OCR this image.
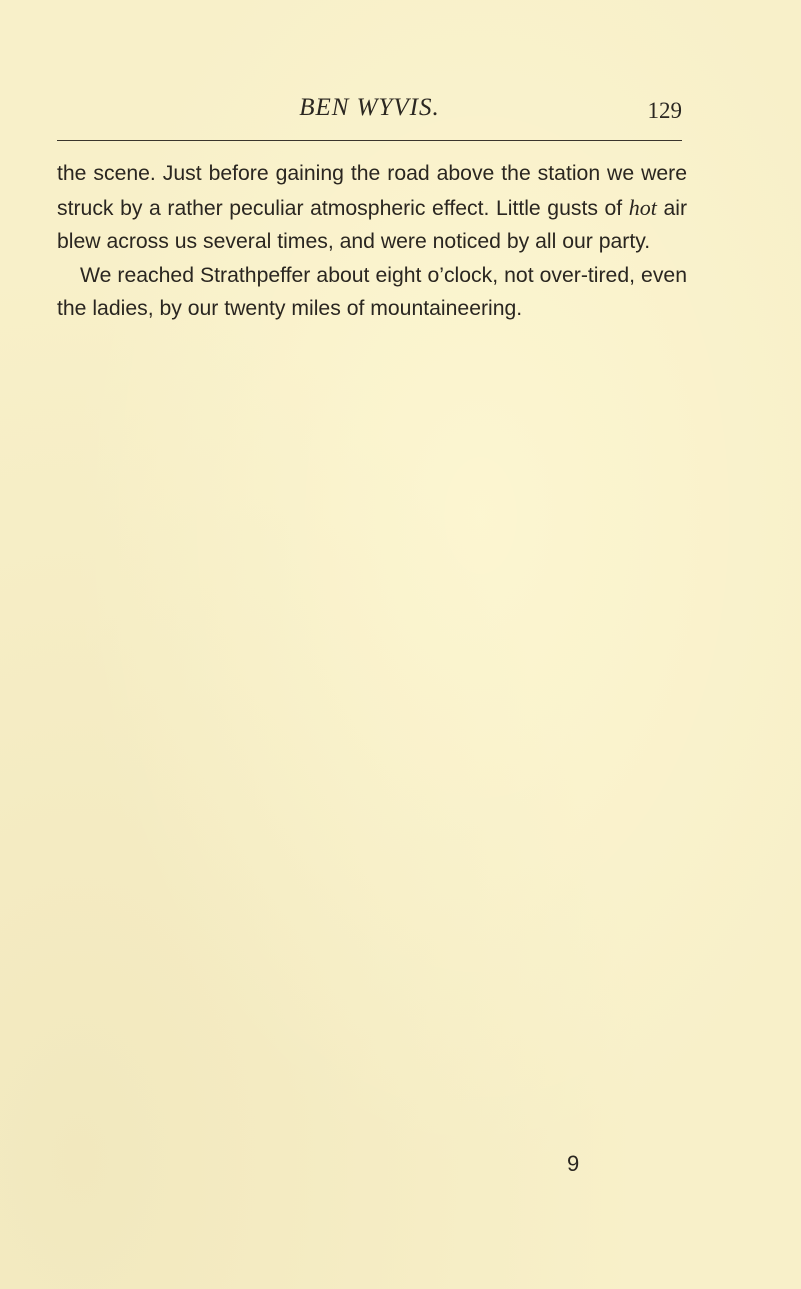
BEN WYVIS.	129

the scene. Just before gaining the road above the station we were struck by a rather peculiar atmospheric effect. Little gusts of hot air blew across us several times, and were noticed by all our party.

We reached Strathpeffer about eight o’clock, not over-tired, even the ladies, by our twenty miles of mountaineering.

9
